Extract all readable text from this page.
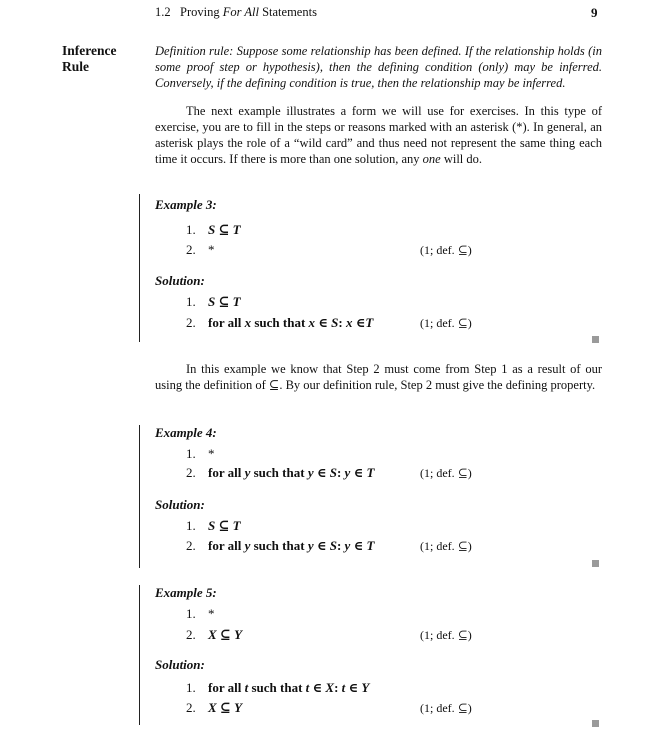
1.2 Proving For All Statements	9
Inference
Rule
Definition rule: Suppose some relationship has been defined. If the relationship holds (in some proof step or hypothesis), then the defining condition (only) may be inferred. Conversely, if the defining condition is true, then the relationship may be inferred.
The next example illustrates a form we will use for exercises. In this type of exercise, you are to fill in the steps or reasons marked with an asterisk (*). In general, an asterisk plays the role of a “wild card” and thus need not represent the same thing each time it occurs. If there is more than one solution, any one will do.
Example 3:
1. S ⊆ T
2. *	(1; def. ⊆)
Solution:
1. S ⊆ T
2. for all x such that x ∈ S: x ∈T	(1; def. ⊆)
In this example we know that Step 2 must come from Step 1 as a result of our using the definition of ⊆. By our definition rule, Step 2 must give the defining property.
Example 4:
1. *
2. for all y such that y ∈ S: y ∈ T	(1; def. ⊆)
Solution:
1. S ⊆ T
2. for all y such that y ∈ S: y ∈ T	(1; def. ⊆)
Example 5:
1. *
2. X ⊆ Y	(1; def. ⊆)
Solution:
1. for all t such that t ∈ X: t ∈ Y
2. X ⊆ Y	(1; def. ⊆)
